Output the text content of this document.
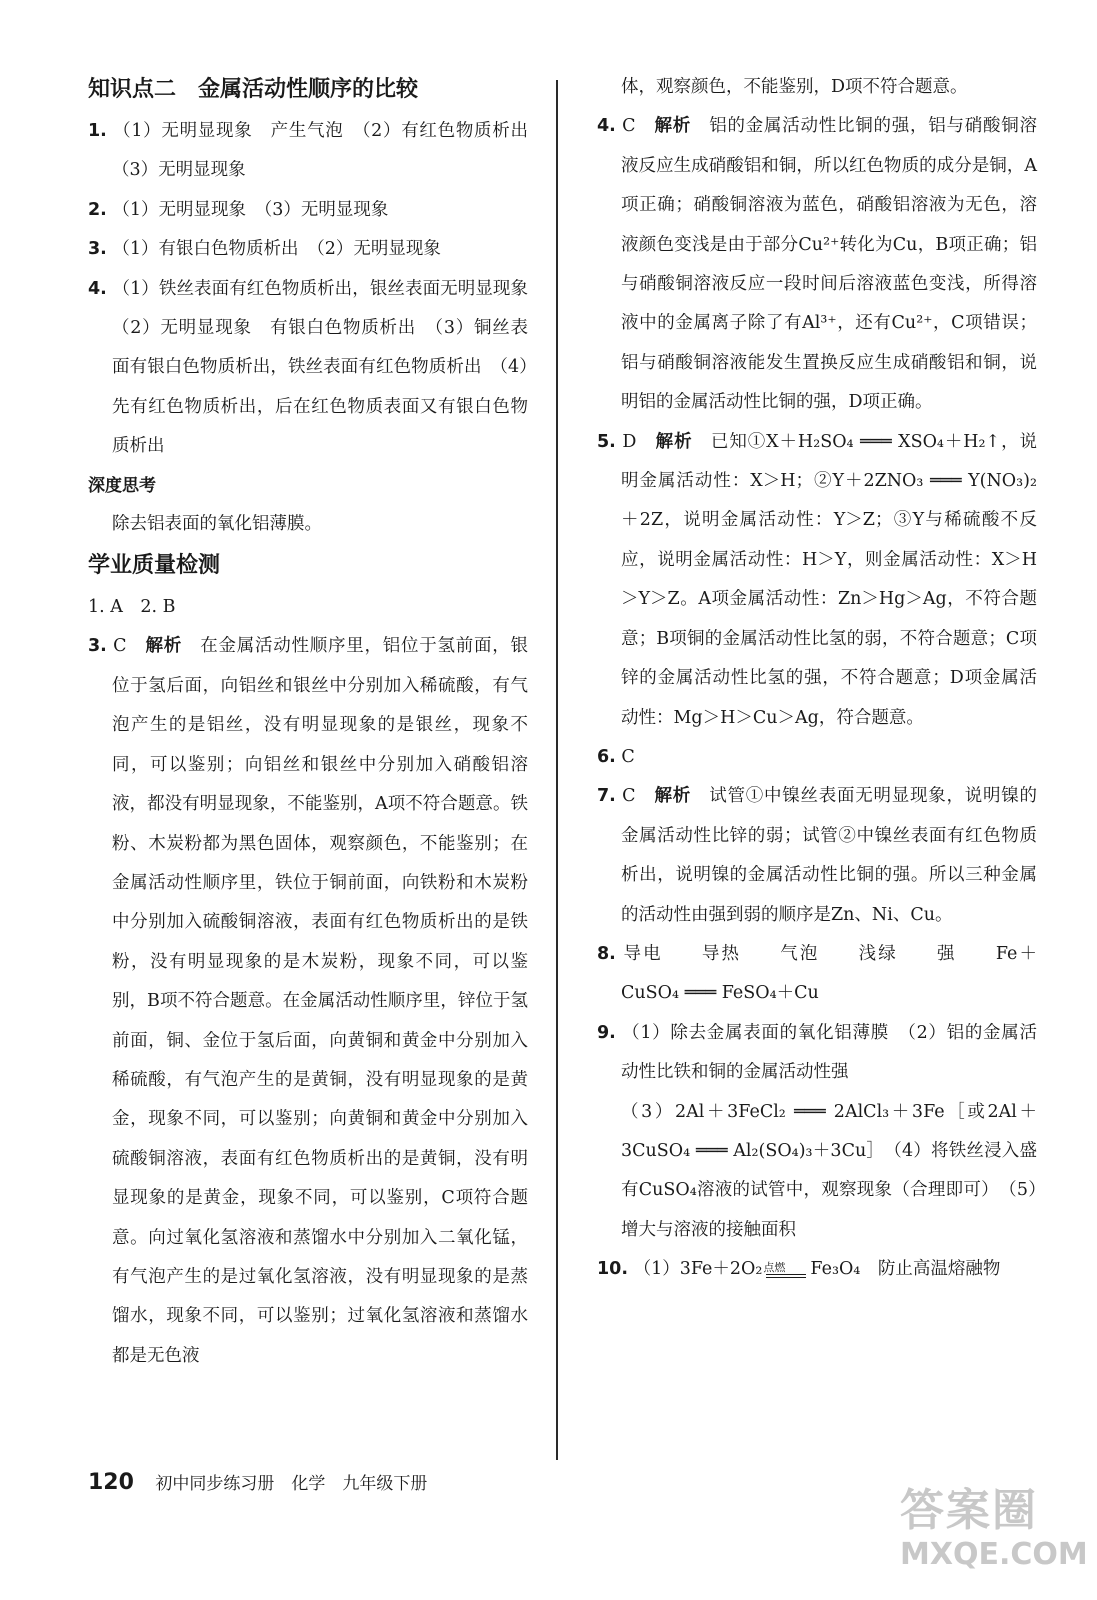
知识点二　金属活动性顺序的比较

1. （1）无明显现象　产生气泡　（2）有红色物质析出　（3）无明显现象

2. （1）无明显现象　（3）无明显现象

3. （1）有银白色物质析出　（2）无明显现象

4. （1）铁丝表面有红色物质析出，银丝表面无明显现象　（2）无明显现象　有银白色物质析出　（3）铜丝表面有银白色物质析出，铁丝表面有红色物质析出　（4）先有红色物质析出，后在红色物质表面又有银白色物质析出

深度思考

除去铝表面的氧化铝薄膜。

学业质量检测

1. A　2. B

3. C　 解析　 在金属活动性顺序里，铝位于氢前面，银位于氢后面，向铝丝和银丝中分别加入稀硫酸，有气泡产生的是铝丝，没有明显现象的是银丝，现象不同，可以鉴别；向铝丝和银丝中分别加入硝酸铝溶液，都没有明显现象，不能鉴别，A项不符合题意。铁粉、木炭粉都为黑色固体，观察颜色，不能鉴别；在金属活动性顺序里，铁位于铜前面，向铁粉和木炭粉中分别加入硫酸铜溶液，表面有红色物质析出的是铁粉，没有明显现象的是木炭粉，现象不同，可以鉴别，B项不符合题意。在金属活动性顺序里，锌位于氢前面，铜、金位于氢后面，向黄铜和黄金中分别加入稀硫酸，有气泡产生的是黄铜，没有明显现象的是黄金，现象不同，可以鉴别；向黄铜和黄金中分别加入硫酸铜溶液，表面有红色物质析出的是黄铜，没有明显现象的是黄金，现象不同，可以鉴别，C项符合题意。向过氧化氢溶液和蒸馏水中分别加入二氧化锰，有气泡产生的是过氧化氢溶液，没有明显现象的是蒸馏水，现象不同，可以鉴别；过氧化氢溶液和蒸馏水都是无色液

体，观察颜色，不能鉴别，D项不符合题意。

4. C　 解析　 铝的金属活动性比铜的强，铝与硝酸铜溶液反应生成硝酸铝和铜，所以红色物质的成分是铜，A项正确；硝酸铜溶液为蓝色，硝酸铝溶液为无色，溶液颜色变浅是由于部分Cu²⁺转化为Cu，B项正确；铝与硝酸铜溶液反应一段时间后溶液蓝色变浅，所得溶液中的金属离子除了有Al³⁺，还有Cu²⁺，C项错误；铝与硝酸铜溶液能发生置换反应生成硝酸铝和铜，说明铝的金属活动性比铜的强，D项正确。

5. D　 解析　 已知①X＋H₂SO₄ ═══ XSO₄＋H₂↑，说明金属活动性：X＞H；②Y＋2ZNO₃ ═══ Y(NO₃)₂＋2Z，说明金属活动性：Y＞Z；③Y与稀硫酸不反应，说明金属活动性：H＞Y，则金属活动性：X＞H＞Y＞Z。A项金属活动性：Zn＞Hg＞Ag，不符合题意；B项铜的金属活动性比氢的弱，不符合题意；C项锌的金属活动性比氢的强，不符合题意；D项金属活动性：Mg＞H＞Cu＞Ag，符合题意。

6. C

7. C　 解析　 试管①中镍丝表面无明显现象，说明镍的金属活动性比锌的弱；试管②中镍丝表面有红色物质析出，说明镍的金属活动性比铜的强。所以三种金属的活动性由强到弱的顺序是Zn、Ni、Cu。

8. 导电　　导热　　气泡　　浅绿　　强　　Fe＋CuSO₄ ═══ FeSO₄＋Cu

9. （1）除去金属表面的氧化铝薄膜　（2）铝的金属活动性比铁和铜的金属活动性强

（3）2Al＋3FeCl₂ ═══ 2AlCl₃＋3Fe［或2Al＋3CuSO₄ ═══ Al₂(SO₄)₃＋3Cu］　（4）将铁丝浸入盛有CuSO₄溶液的试管中，观察现象（合理即可）　（5）增大与溶液的接触面积

10. （1）3Fe＋2O₂ 点燃	Fe₃O₄　防止高温熔融物

120 初中同步练习册　化学　九年级下册
答案圈
MXQE.COM
